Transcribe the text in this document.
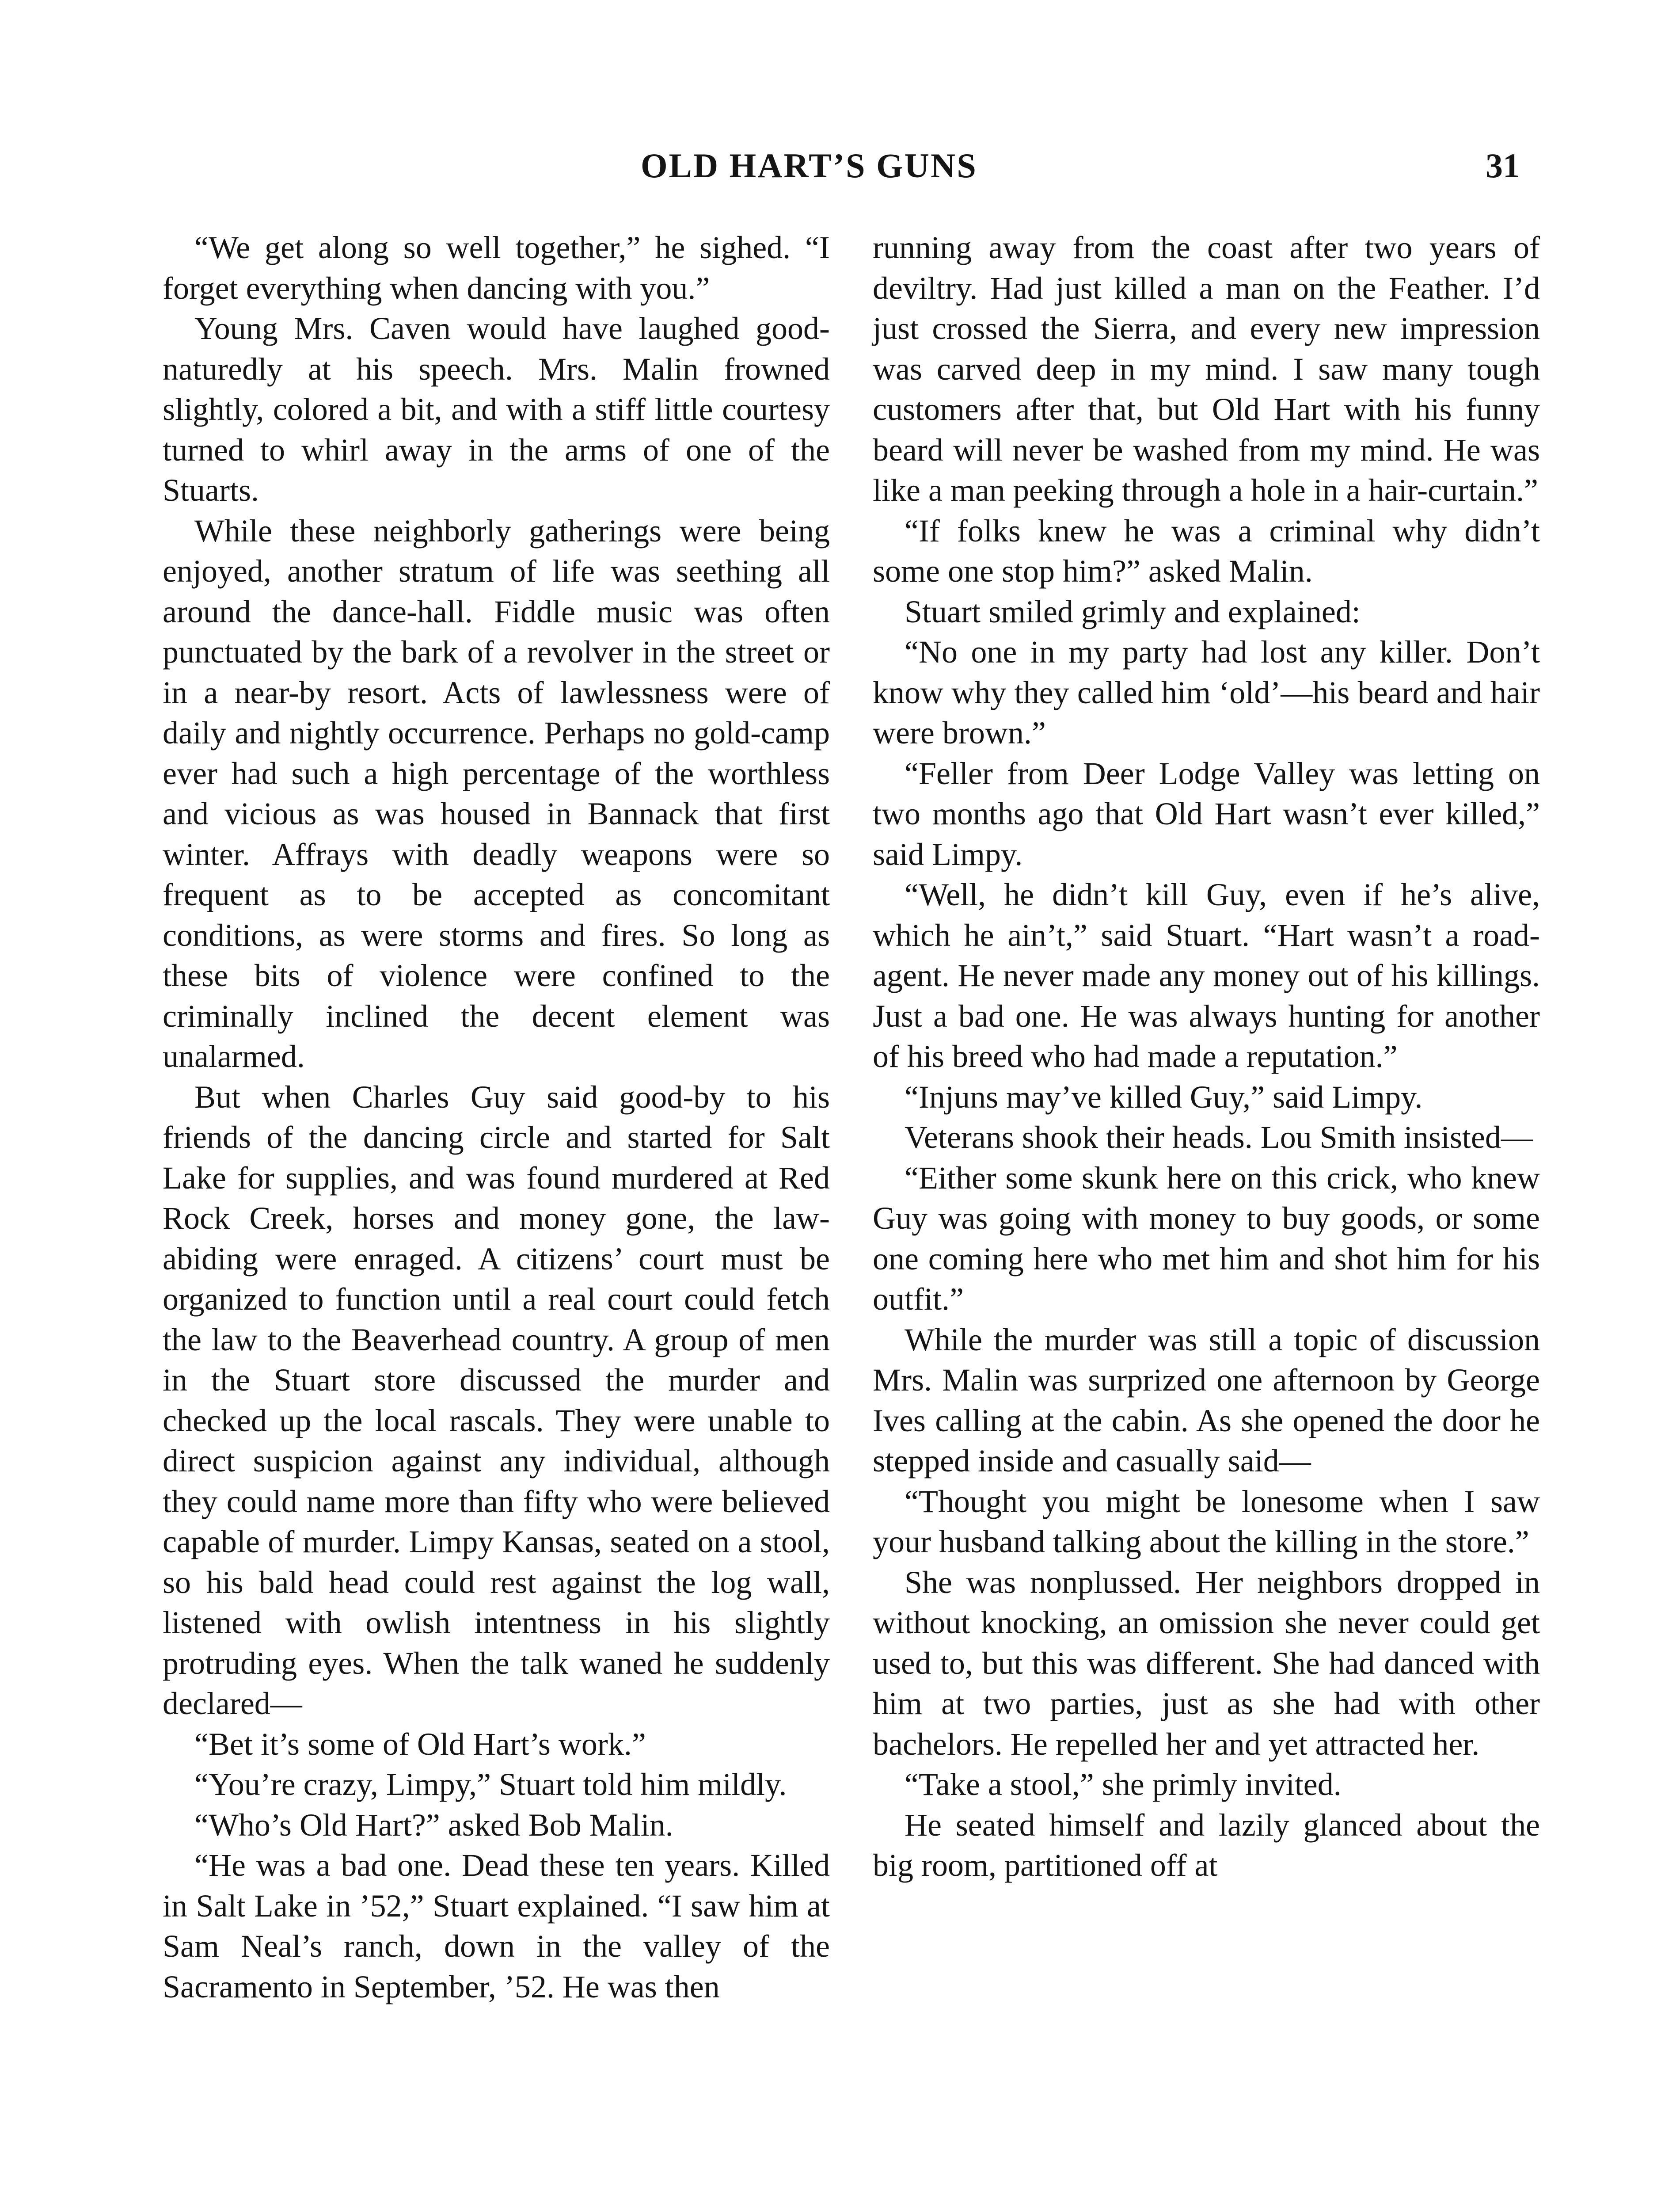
OLD HART’S GUNS	31

“We get along so well together,” he sighed. “I forget everything when dancing with you.”

Young Mrs. Caven would have laughed good-naturedly at his speech. Mrs. Malin frowned slightly, colored a bit, and with a stiff little courtesy turned to whirl away in the arms of one of the Stuarts.

While these neighborly gatherings were being enjoyed, another stratum of life was seething all around the dance-hall. Fiddle music was often punctuated by the bark of a revolver in the street or in a near-by resort. Acts of lawlessness were of daily and nightly occurrence. Perhaps no gold-camp ever had such a high percentage of the worthless and vicious as was housed in Bannack that first winter. Affrays with deadly weapons were so frequent as to be accepted as concomitant conditions, as were storms and fires. So long as these bits of violence were confined to the criminally inclined the decent element was unalarmed.

But when Charles Guy said good-by to his friends of the dancing circle and started for Salt Lake for supplies, and was found murdered at Red Rock Creek, horses and money gone, the law-abiding were enraged. A citizens’ court must be organized to function until a real court could fetch the law to the Beaverhead country. A group of men in the Stuart store discussed the murder and checked up the local rascals. They were unable to direct suspicion against any individual, although they could name more than fifty who were believed capable of murder. Limpy Kansas, seated on a stool, so his bald head could rest against the log wall, listened with owlish intentness in his slightly protruding eyes. When the talk waned he suddenly declared—

“Bet it’s some of Old Hart’s work.”

“You’re crazy, Limpy,” Stuart told him mildly.

“Who’s Old Hart?” asked Bob Malin.

“He was a bad one. Dead these ten years. Killed in Salt Lake in ’52,” Stuart explained. “I saw him at Sam Neal’s ranch, down in the valley of the Sacramento in September, ’52. He was then

running away from the coast after two years of deviltry. Had just killed a man on the Feather. I’d just crossed the Sierra, and every new impression was carved deep in my mind. I saw many tough customers after that, but Old Hart with his funny beard will never be washed from my mind. He was like a man peeking through a hole in a hair-curtain.”

“If folks knew he was a criminal why didn’t some one stop him?” asked Malin.

Stuart smiled grimly and explained:

“No one in my party had lost any killer. Don’t know why they called him ‘old’—his beard and hair were brown.”

“Feller from Deer Lodge Valley was letting on two months ago that Old Hart wasn’t ever killed,” said Limpy.

“Well, he didn’t kill Guy, even if he’s alive, which he ain’t,” said Stuart. “Hart wasn’t a road-agent. He never made any money out of his killings. Just a bad one. He was always hunting for another of his breed who had made a reputation.”

“Injuns may’ve killed Guy,” said Limpy.

Veterans shook their heads. Lou Smith insisted—

“Either some skunk here on this crick, who knew Guy was going with money to buy goods, or some one coming here who met him and shot him for his outfit.”

While the murder was still a topic of discussion Mrs. Malin was surprized one afternoon by George Ives calling at the cabin. As she opened the door he stepped inside and casually said—

“Thought you might be lonesome when I saw your husband talking about the killing in the store.”

She was nonplussed. Her neighbors dropped in without knocking, an omission she never could get used to, but this was different. She had danced with him at two parties, just as she had with other bachelors. He repelled her and yet attracted her.

“Take a stool,” she primly invited.

He seated himself and lazily glanced about the big room, partitioned off at
